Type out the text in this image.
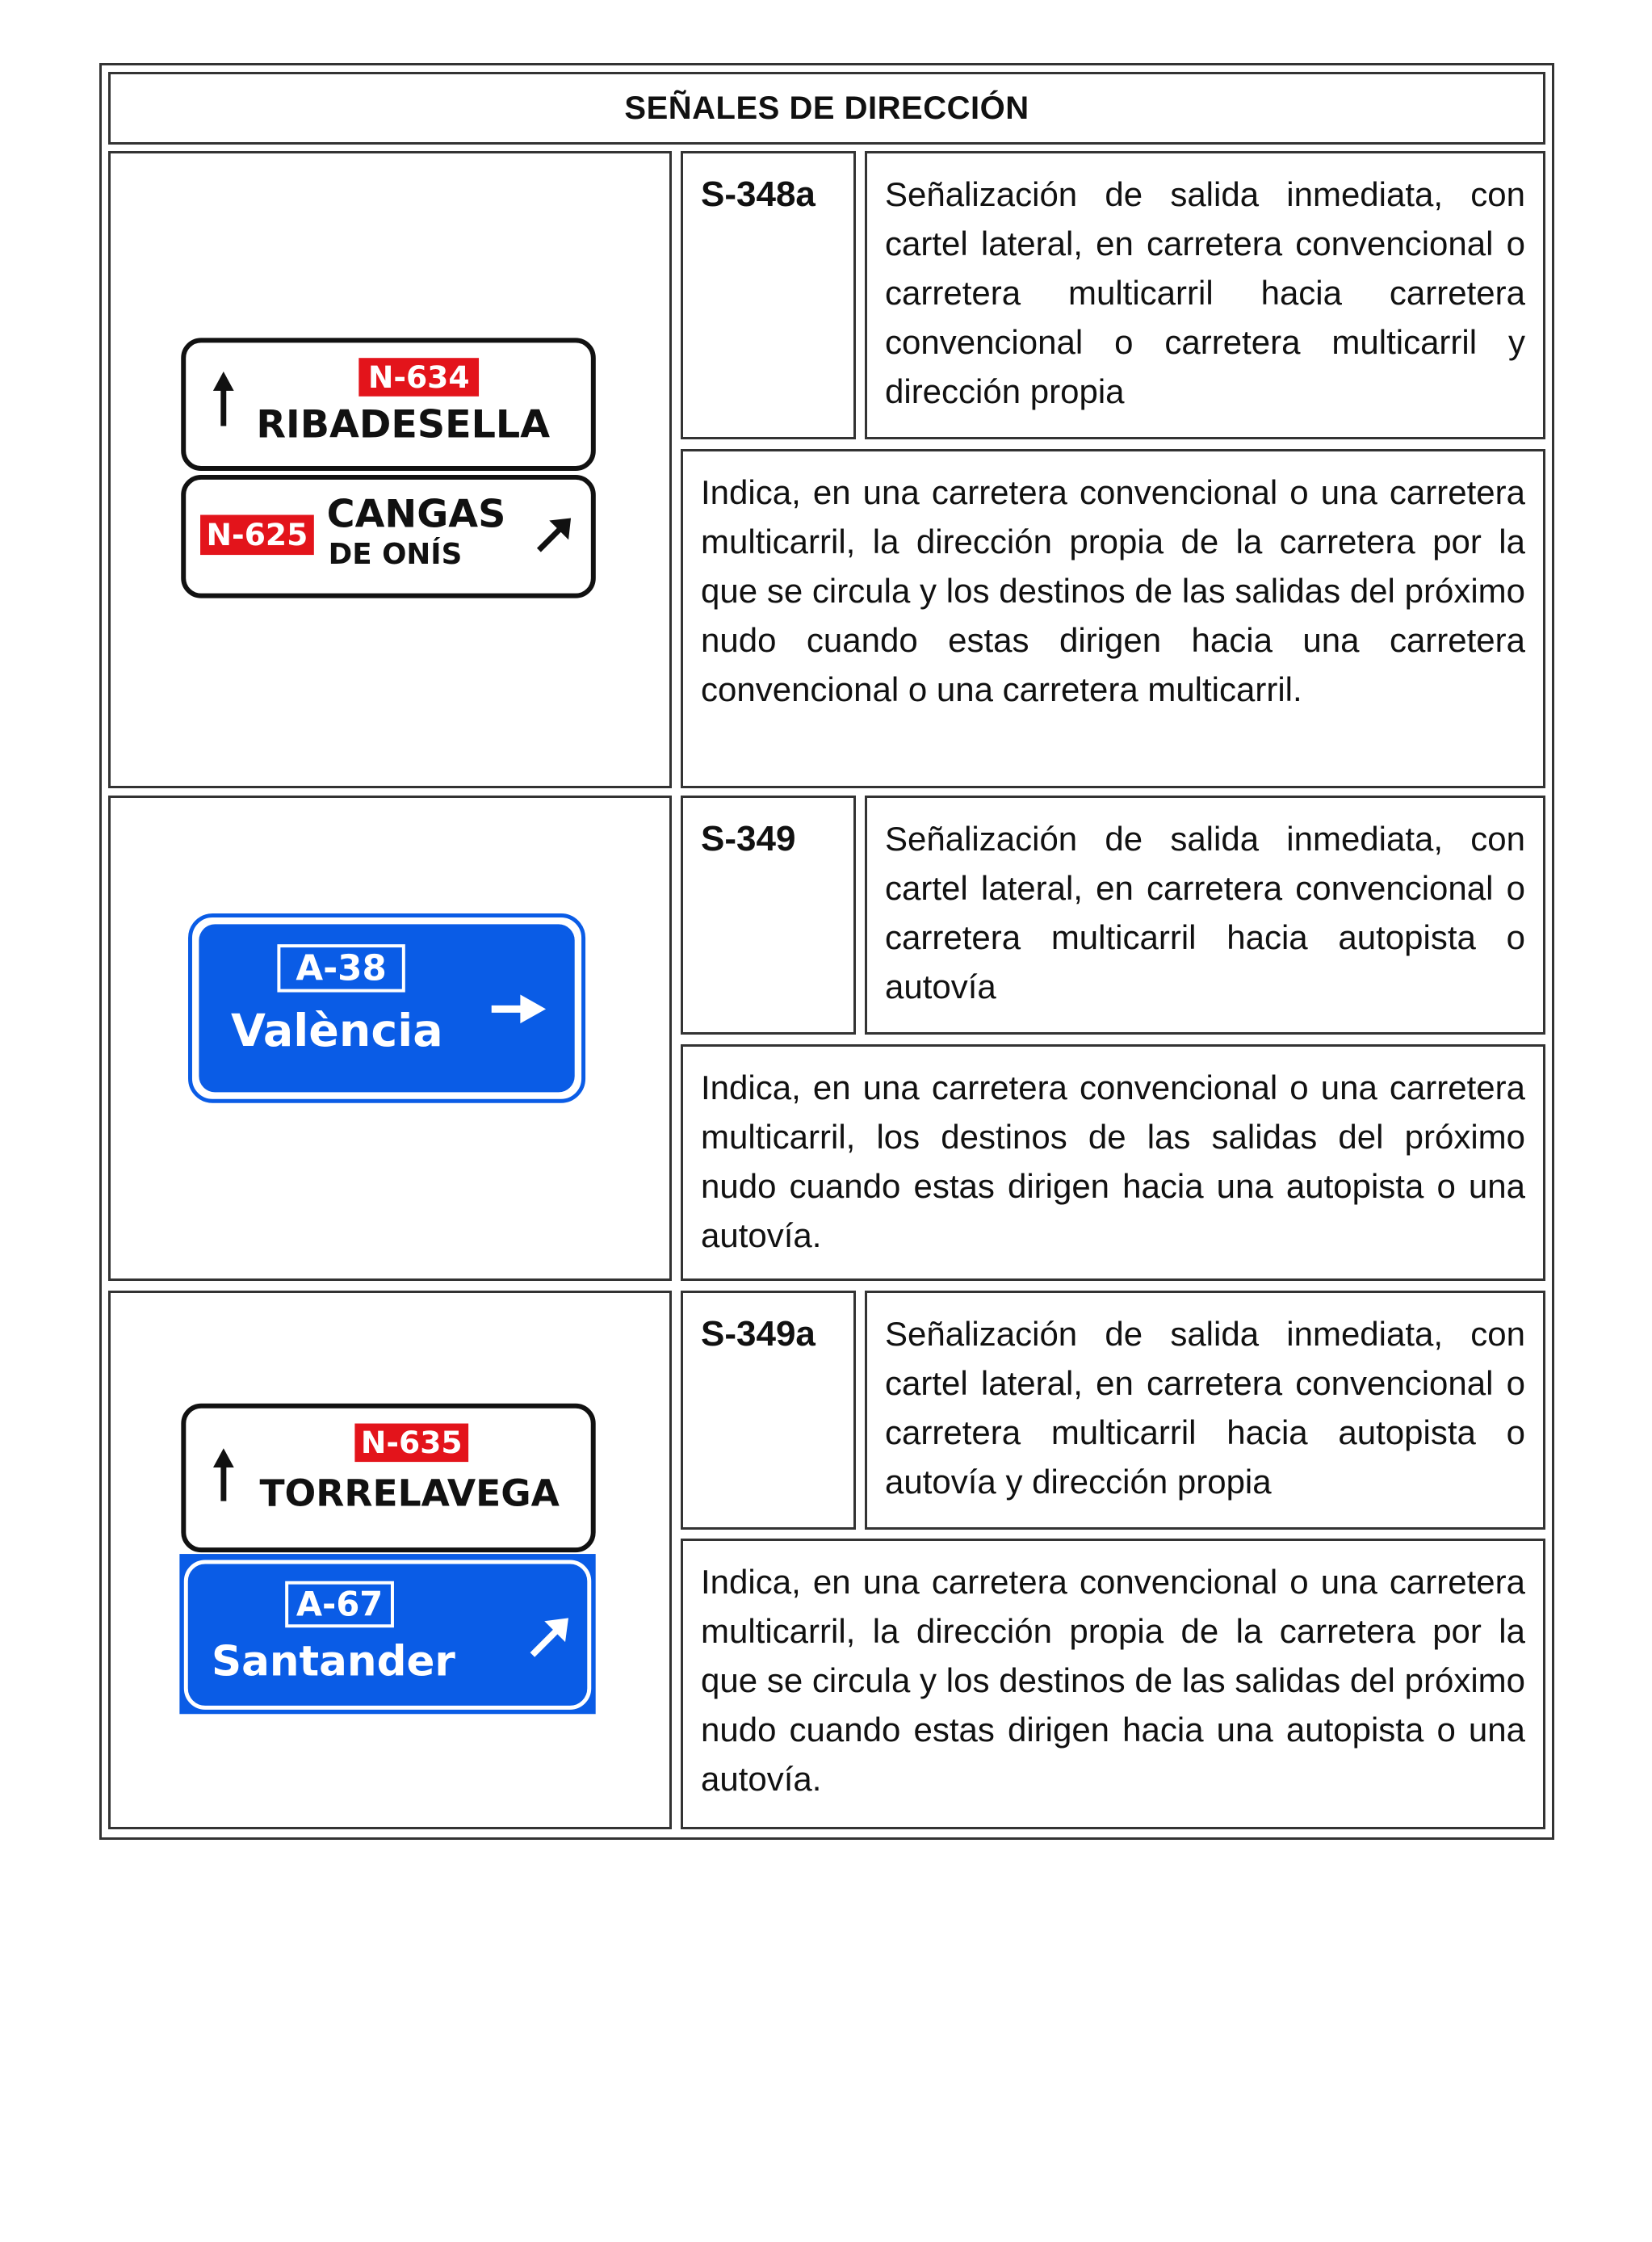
SEÑALES DE DIRECCIÓN
N-634
RIBADESELLA
N-625 CANGAS
DE ONÍS
S-348a	Señalización de salida inmediata, con cartel lateral, en carretera convencional o carretera multicarril hacia carretera convencional o carretera multicarril y dirección propia
Indica, en una carretera convencional o una carretera multicarril, la dirección propia de la carretera por la que se circula y los destinos de las salidas del próximo nudo cuando estas dirigen hacia una carretera convencional o una carretera multicarril.
A-38
València
S-349	Señalización de salida inmediata, con cartel lateral, en carretera convencional o carretera multicarril hacia autopista o autovía
Indica, en una carretera convencional o una carretera multicarril, los destinos de las salidas del próximo nudo cuando estas dirigen hacia una autopista o una autovía.
N-635
TORRELAVEGA
A-67
Santander
S-349a	Señalización de salida inmediata, con cartel lateral, en carretera convencional o carretera multicarril hacia autopista o autovía y dirección propia
Indica, en una carretera convencional o una carretera multicarril, la dirección propia de la carretera por la que se circula y los destinos de las salidas del próximo nudo cuando estas dirigen hacia una autopista o una autovía.
